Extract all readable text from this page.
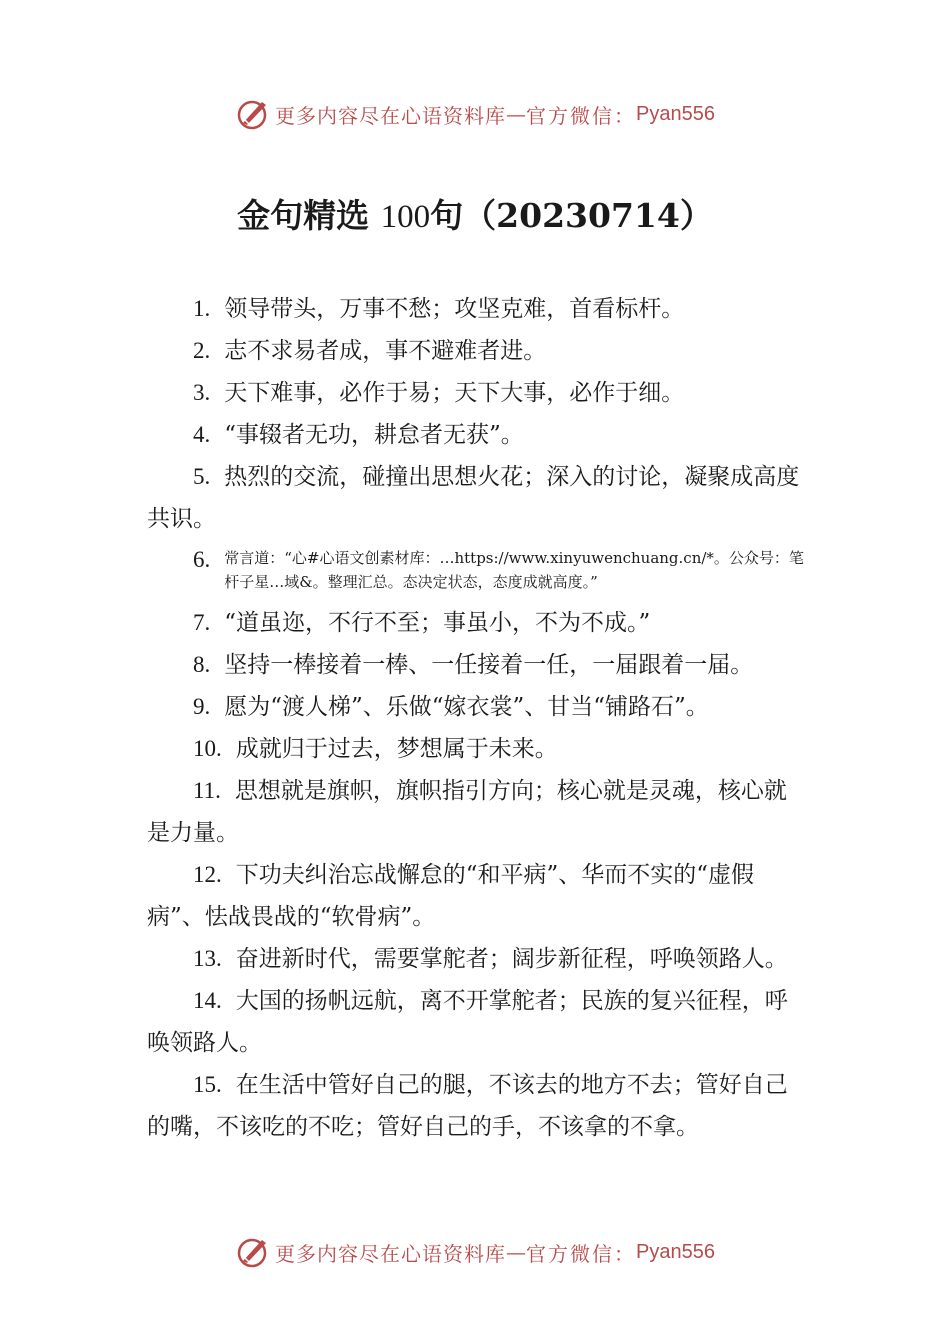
更多内容尽在心语资料库 — 官方微信： Pyan556
金句精选 100句（20230714）

1. 领导带头，万事不愁；攻坚克难，首看标杆。

2. 志不求易者成，事不避难者进。

3. 天下难事，必作于易；天下大事，必作于细。

4. “事辍者无功，耕怠者无获”。

5. 热烈的交流，碰撞出思想火花；深入的讨论，凝聚成高度共识。

6. 常言道：“心#心语文创素材库：…https://www.xinyuwenchuang.cn/*。公众号：笔杆子星…域&。整理汇总。态决定状态，态度成就高度。”

7. “道虽迩，不行不至；事虽小，不为不成。”

8. 坚持一棒接着一棒、一任接着一任，一届跟着一届。

9. 愿为“渡人梯”、乐做“嫁衣裳”、甘当“铺路石”。

10. 成就归于过去，梦想属于未来。

11. 思想就是旗帜，旗帜指引方向；核心就是灵魂，核心就是力量。

12. 下功夫纠治忘战懈怠的“和平病”、华而不实的“虚假病”、怯战畏战的“软骨病”。

13. 奋进新时代，需要掌舵者；阔步新征程，呼唤领路人。

14. 大国的扬帆远航，离不开掌舵者；民族的复兴征程，呼唤领路人。

15. 在生活中管好自己的腿，不该去的地方不去；管好自己的嘴，不该吃的不吃；管好自己的手，不该拿的不拿。

更多内容尽在心语资料库 — 官方微信： Pyan556
